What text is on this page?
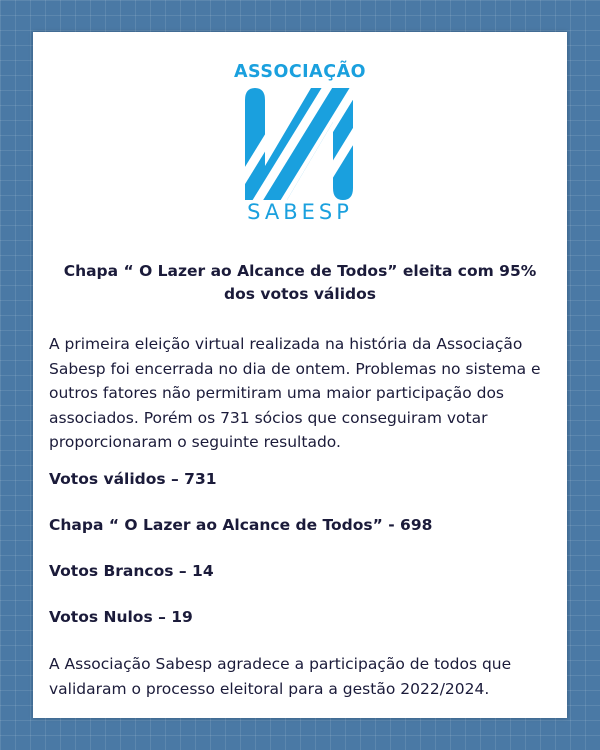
ASSOCIAÇÃO
SABESP

Chapa “ O Lazer ao Alcance de Todos” eleita com 95% dos votos válidos

A primeira eleição virtual realizada na história da Associação Sabesp foi encerrada no dia de ontem. Problemas no sistema e outros fatores não permitiram uma maior participação dos associados. Porém os 731 sócios que conseguiram votar proporcionaram o seguinte resultado.

Votos válidos – 731

Chapa “ O Lazer ao Alcance de Todos” - 698

Votos Brancos – 14

Votos Nulos – 19

A Associação Sabesp agradece a participação de todos que validaram o processo eleitoral para a gestão 2022/2024.
